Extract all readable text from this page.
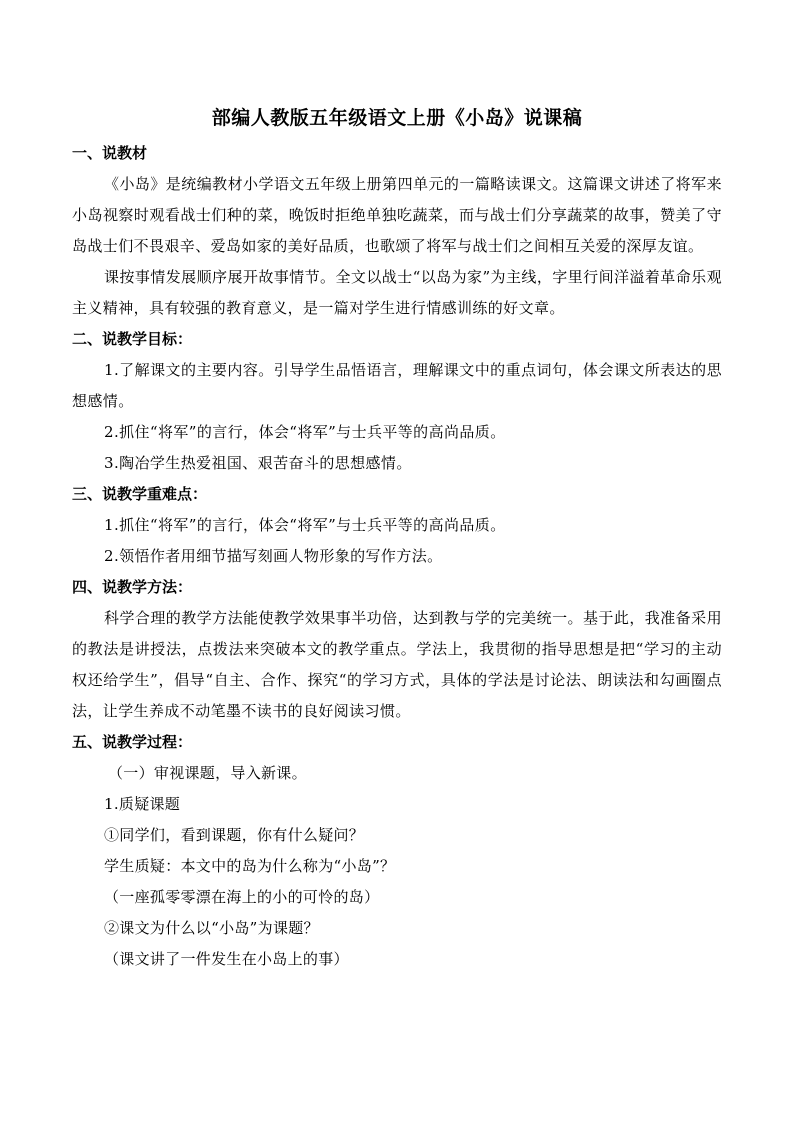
部编人教版五年级语文上册《小岛》说课稿
一、说教材
《小岛》是统编教材小学语文五年级上册第四单元的一篇略读课文。这篇课文讲述了将军来小岛视察时观看战士们种的菜，晚饭时拒绝单独吃蔬菜，而与战士们分享蔬菜的故事，赞美了守岛战士们不畏艰辛、爱岛如家的美好品质，也歌颂了将军与战士们之间相互关爱的深厚友谊。
课按事情发展顺序展开故事情节。全文以战士“以岛为家”为主线，字里行间洋溢着革命乐观主义精神，具有较强的教育意义，是一篇对学生进行情感训练的好文章。
二、说教学目标：
1.了解课文的主要内容。引导学生品悟语言，理解课文中的重点词句，体会课文所表达的思想感情。
2.抓住“将军”的言行，体会“将军”与士兵平等的高尚品质。
3.陶冶学生热爱祖国、艰苦奋斗的思想感情。
三、说教学重难点：
1.抓住“将军”的言行，体会“将军”与士兵平等的高尚品质。
2.领悟作者用细节描写刻画人物形象的写作方法。
四、说教学方法：
科学合理的教学方法能使教学效果事半功倍，达到教与学的完美统一。基于此，我准备采用的教法是讲授法，点拨法来突破本文的教学重点。学法上，我贯彻的指导思想是把“学习的主动权还给学生”，倡导“自主、合作、探究“的学习方式，具体的学法是讨论法、朗读法和勾画圈点法，让学生养成不动笔墨不读书的良好阅读习惯。
五、说教学过程：
（一）审视课题，导入新课。
1.质疑课题
①同学们，看到课题，你有什么疑问？
学生质疑：本文中的岛为什么称为“小岛”？
（一座孤零零漂在海上的小的可怜的岛）
②课文为什么以“小岛”为课题？
（课文讲了一件发生在小岛上的事）
